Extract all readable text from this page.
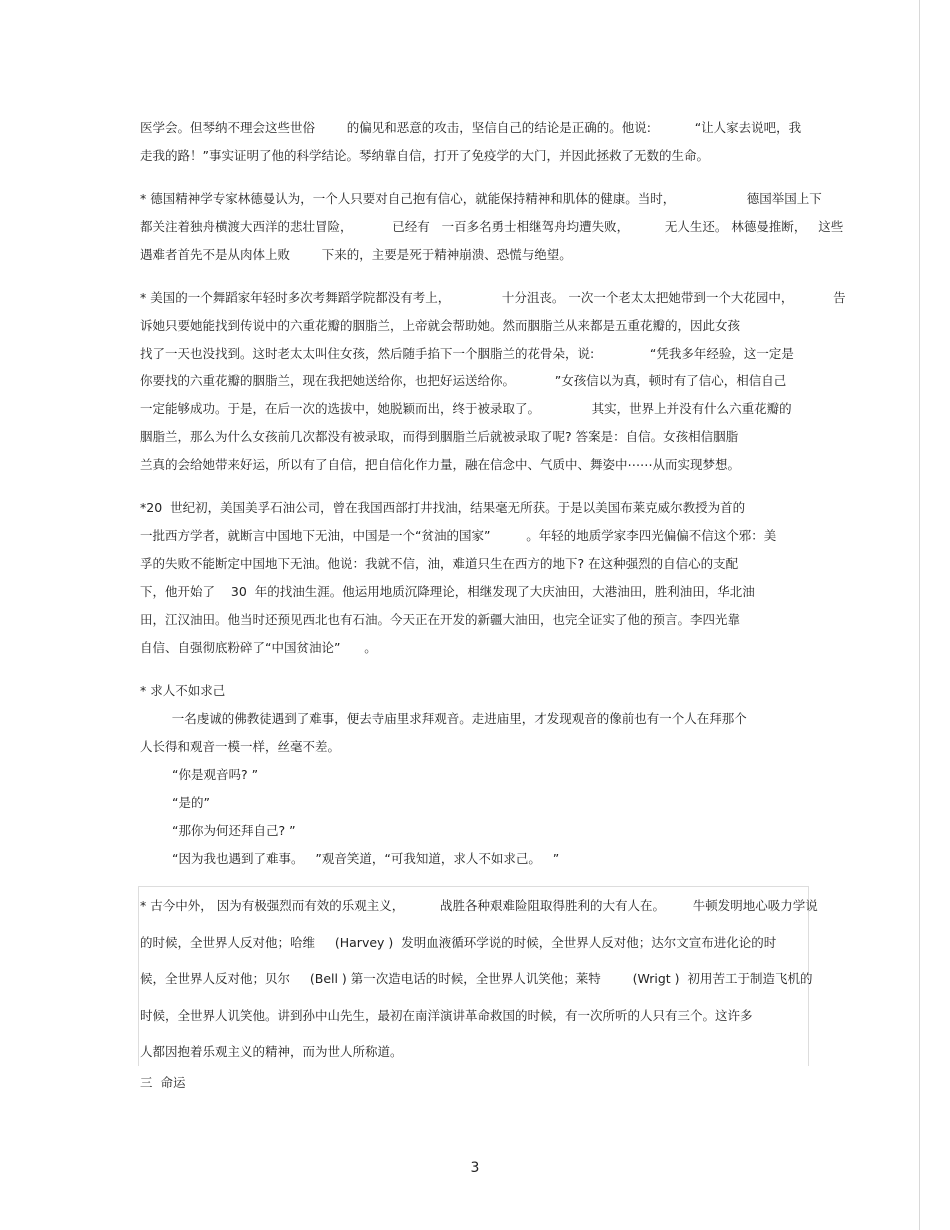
医学会。但琴纳不理会这些世俗        的偏见和恶意的攻击，坚信自己的结论是正确的。他说:           “让人家去说吧，我
走我的路！”事实证明了他的科学结论。琴纳靠自信，打开了免疫学的大门，并因此拯救了无数的生命。
* 德国精神学专家林德曼认为，一个人只要对自己抱有信心，就能保持精神和肌体的健康。当时，                  德国举国上下
都关注着独舟横渡大西洋的悲壮冒险，          已经有   一百多名勇士相继驾舟均遭失败，         无人生还。 林德曼推断，   这些
遇难者首先不是从肉体上败        下来的，主要是死于精神崩溃、恐慌与绝望。
* 美国的一个舞蹈家年轻时多次考舞蹈学院都没有考上，             十分沮丧。 一次一个老太太把她带到一个大花园中，          告
诉她只要她能找到传说中的六重花瓣的胭脂兰，上帝就会帮助她。然而胭脂兰从来都是五重花瓣的，因此女孩
找了一天也没找到。这时老太太叫住女孩，然后随手掐下一个胭脂兰的花骨朵，说:              “凭我多年经验，这一定是
你要找的六重花瓣的胭脂兰，现在我把她送给你，也把好运送给你。          ”女孩信以为真，顿时有了信心，相信自己
一定能够成功。于是，在后一次的选拔中，她脱颖而出，终于被录取了。             其实，世界上并没有什么六重花瓣的
胭脂兰，那么为什么女孩前几次都没有被录取，而得到胭脂兰后就被录取了呢? 答案是：自信。女孩相信胭脂
兰真的会给她带来好运，所以有了自信，把自信化作力量，融在信念中、气质中、舞姿中⋯⋯从而实现梦想。
*20  世纪初，美国美孚石油公司，曾在我国西部打井找油，结果毫无所获。于是以美国布莱克威尔教授为首的
一批西方学者，就断言中国地下无油，中国是一个“贫油的国家”         。年轻的地质学家李四光偏偏不信这个邪：美
孚的失败不能断定中国地下无油。他说：我就不信，油，难道只生在西方的地下? 在这种强烈的自信心的支配
下，他开始了    30  年的找油生涯。他运用地质沉降理论，相继发现了大庆油田，大港油田，胜利油田，华北油
田，江汉油田。他当时还预见西北也有石油。今天正在开发的新疆大油田，也完全证实了他的预言。李四光靠
自信、自强彻底粉碎了“中国贫油论”      。
* 求人不如求己
一名虔诚的佛教徒遇到了难事，便去寺庙里求拜观音。走进庙里，才发现观音的像前也有一个人在拜那个
人长得和观音一模一样，丝毫不差。
“你是观音吗? ”
“是的”
“那你为何还拜自己? ”
“因为我也遇到了难事。   ”观音笑道，“可我知道，求人不如求己。   ”
* 古今中外， 因为有极强烈而有效的乐观主义，         战胜各种艰难险阻取得胜利的大有人在。       牛顿发明地心吸力学说
的时候，全世界人反对他；哈维     (Harvey )  发明血液循环学说的时候，全世界人反对他；达尔文宣布进化论的时
候，全世界人反对他；贝尔     (Bell ) 第一次造电话的时候，全世界人讥笑他；莱特        (Wrigt )  初用苦工于制造飞机的
时候，全世界人讥笑他。讲到孙中山先生，最初在南洋演讲革命救国的时候，有一次所听的人只有三个。这许多
人都因抱着乐观主义的精神，而为世人所称道。
三  命运
3
